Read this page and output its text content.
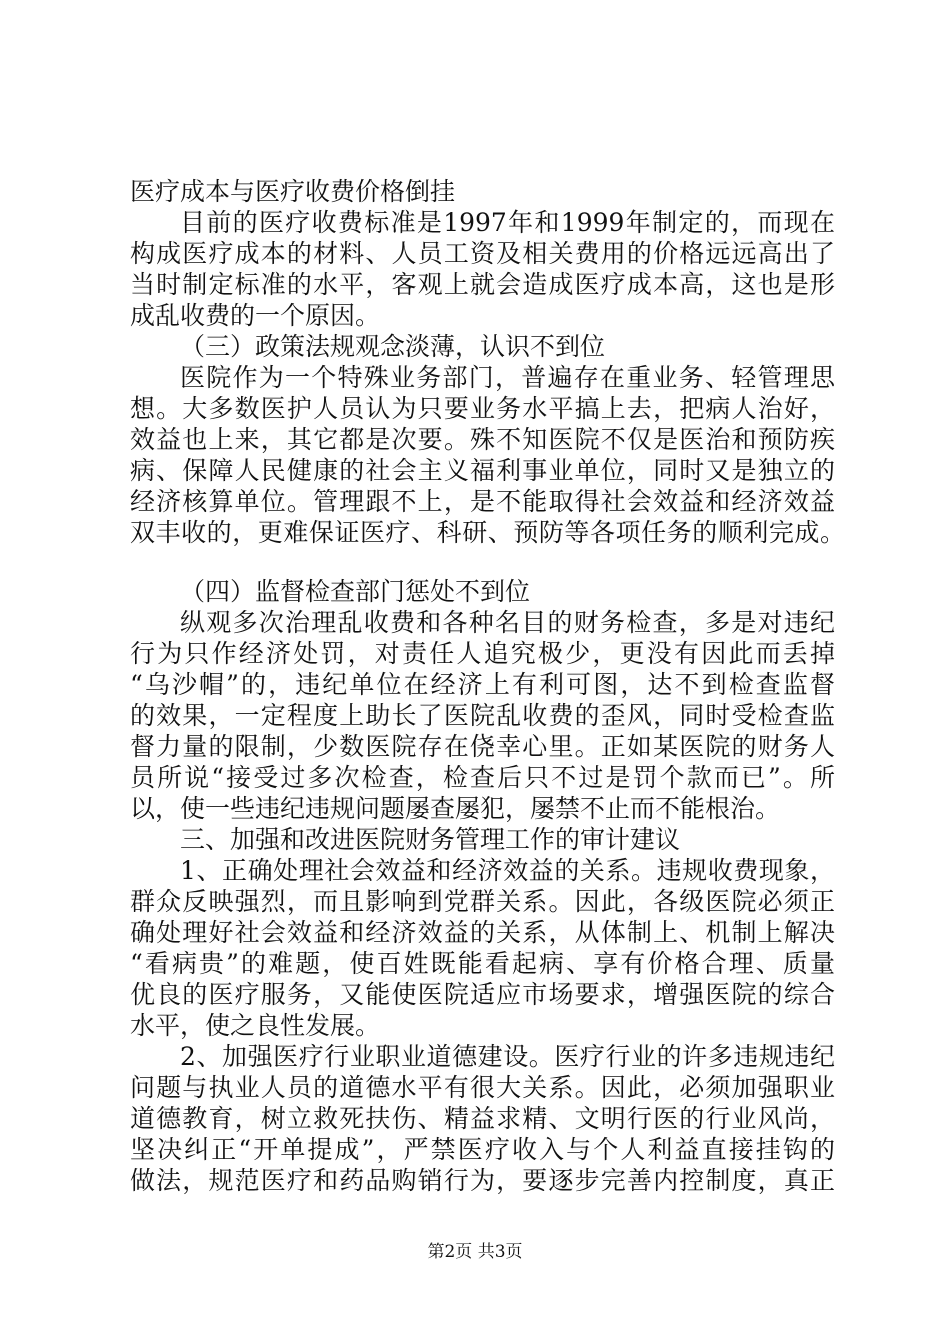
医疗成本与医疗收费价格倒挂
目前的医疗收费标准是1997年和1999年制定的，而现在
构成医疗成本的材料、人员工资及相关费用的价格远远高出了
当时制定标准的水平，客观上就会造成医疗成本高，这也是形
成乱收费的一个原因。
（三）政策法规观念淡薄，认识不到位
医院作为一个特殊业务部门，普遍存在重业务、轻管理思
想。大多数医护人员认为只要业务水平搞上去，把病人治好，
效益也上来，其它都是次要。殊不知医院不仅是医治和预防疾
病、保障人民健康的社会主义福利事业单位，同时又是独立的
经济核算单位。管理跟不上，是不能取得社会效益和经济效益
双丰收的，更难保证医疗、科研、预防等各项任务的顺利完成。
（四）监督检查部门惩处不到位
纵观多次治理乱收费和各种名目的财务检查，多是对违纪
行为只作经济处罚，对责任人追究极少，更没有因此而丢掉
“乌沙帽”的，违纪单位在经济上有利可图，达不到检查监督
的效果，一定程度上助长了医院乱收费的歪风，同时受检查监
督力量的限制，少数医院存在侥幸心里。正如某医院的财务人
员所说“接受过多次检查，检查后只不过是罚个款而已”。所
以，使一些违纪违规问题屡查屡犯，屡禁不止而不能根治。
三、加强和改进医院财务管理工作的审计建议
1、正确处理社会效益和经济效益的关系。违规收费现象，
群众反映强烈，而且影响到党群关系。因此，各级医院必须正
确处理好社会效益和经济效益的关系，从体制上、机制上解决
“看病贵”的难题，使百姓既能看起病、享有价格合理、质量
优良的医疗服务，又能使医院适应市场要求，增强医院的综合
水平，使之良性发展。
2、加强医疗行业职业道德建设。医疗行业的许多违规违纪
问题与执业人员的道德水平有很大关系。因此，必须加强职业
道德教育，树立救死扶伤、精益求精、文明行医的行业风尚，
坚决纠正“开单提成”，严禁医疗收入与个人利益直接挂钩的
做法，规范医疗和药品购销行为，要逐步完善内控制度，真正
第2页 共3页
